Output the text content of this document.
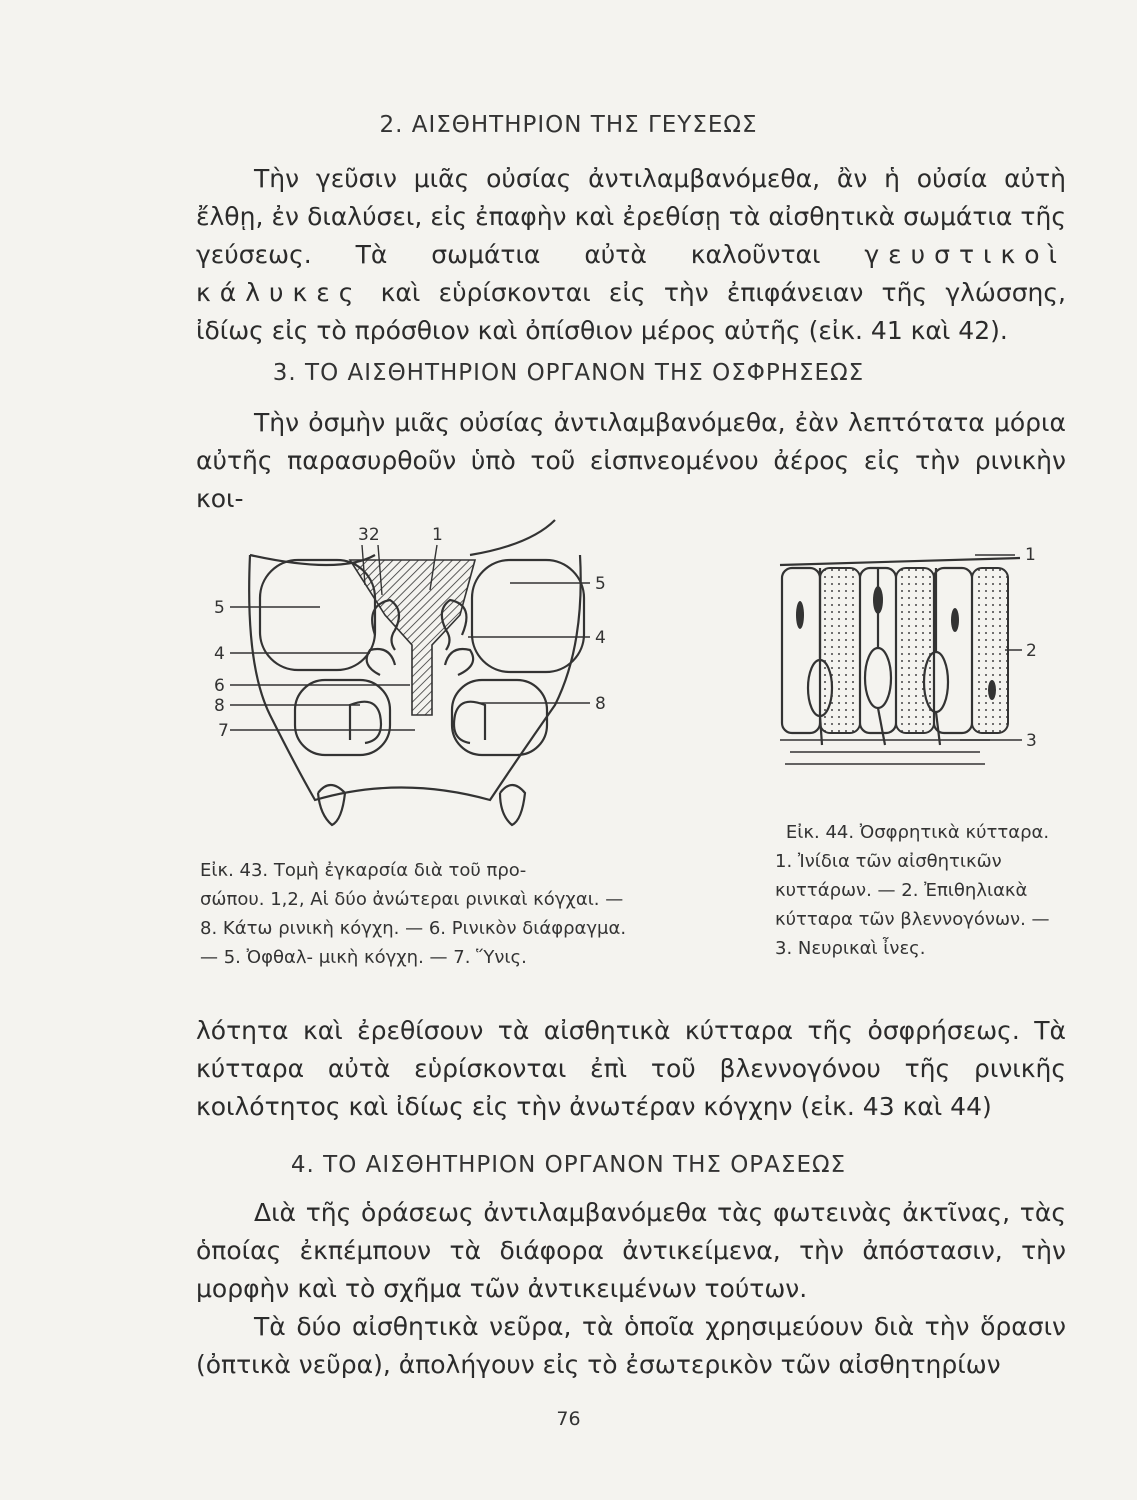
2. ΑΙΣΘΗΤΗΡΙΟΝ ΤΗΣ ΓΕΥΣΕΩΣ

Τὴν γεῦσιν μιᾶς οὐσίας ἀντιλαμβανόμεθα, ἂν ἡ οὐσία αὐτὴ ἔλθῃ, ἐν διαλύσει, εἰς ἐπαφὴν καὶ ἐρεθίσῃ τὰ αἰσθητικὰ σωμάτια τῆς γεύσεως. Τὰ σωμάτια αὐτὰ καλοῦνται γευστικοὶ κάλυκες καὶ εὑρίσκονται εἰς τὴν ἐπιφάνειαν τῆς γλώσσης, ἰδίως εἰς τὸ πρόσθιον καὶ ὀπίσθιον μέρος αὐτῆς (εἰκ. 41 καὶ 42).

3. ΤΟ ΑΙΣΘΗΤΗΡΙΟΝ ΟΡΓΑΝΟΝ ΤΗΣ ΟΣΦΡΗΣΕΩΣ

Τὴν ὀσμὴν μιᾶς οὐσίας ἀντιλαμβανόμεθα, ἐὰν λεπτότατα μόρια αὐτῆς παρασυρθοῦν ὑπὸ τοῦ εἰσπνεομένου ἀέρος εἰς τὴν ρινικὴν κοι-

32	1
5
4
6
8
7
5
4
8
1
2
3
Εἰκ. 43. Τομὴ ἐγκαρσία διὰ τοῦ προ-
σώπου. 1,2, Αἱ δύο ἀνώτεραι ρινικαὶ κόγχαι. — 8. Κάτω ρινικὴ κόγχη. — 6. Ρινικὸν διάφραγμα. — 5. Ὀφθαλ- μικὴ κόγχη. — 7. Ὕνις.
Εἰκ. 44. Ὀσφρητικὰ κύτταρα.
1. Ἰνίδια τῶν αἰσθητικῶν κυττάρων. — 2. Ἐπιθηλιακὰ κύτταρα τῶν βλεννογόνων. — 3. Νευρικαὶ ἶνες.
λότητα καὶ ἐρεθίσουν τὰ αἰσθητικὰ κύτταρα τῆς ὀσφρήσεως. Τὰ κύτταρα αὐτὰ εὑρίσκονται ἐπὶ τοῦ βλεννογόνου τῆς ρινικῆς κοιλότητος καὶ ἰδίως εἰς τὴν ἀνωτέραν κόγχην (εἰκ. 43 καὶ 44)
4. ΤΟ ΑΙΣΘΗΤΗΡΙΟΝ ΟΡΓΑΝΟΝ ΤΗΣ ΟΡΑΣΕΩΣ

Διὰ τῆς ὁράσεως ἀντιλαμβανόμεθα τὰς φωτεινὰς ἀκτῖνας, τὰς ὁποίας ἐκπέμπουν τὰ διάφορα ἀντικείμενα, τὴν ἀπόστασιν, τὴν μορφὴν καὶ τὸ σχῆμα τῶν ἀντικειμένων τούτων.

Τὰ δύο αἰσθητικὰ νεῦρα, τὰ ὁποῖα χρησιμεύουν διὰ τὴν ὅρασιν (ὀπτικὰ νεῦρα), ἀπολήγουν εἰς τὸ ἐσωτερικὸν τῶν αἰσθητηρίων

76
